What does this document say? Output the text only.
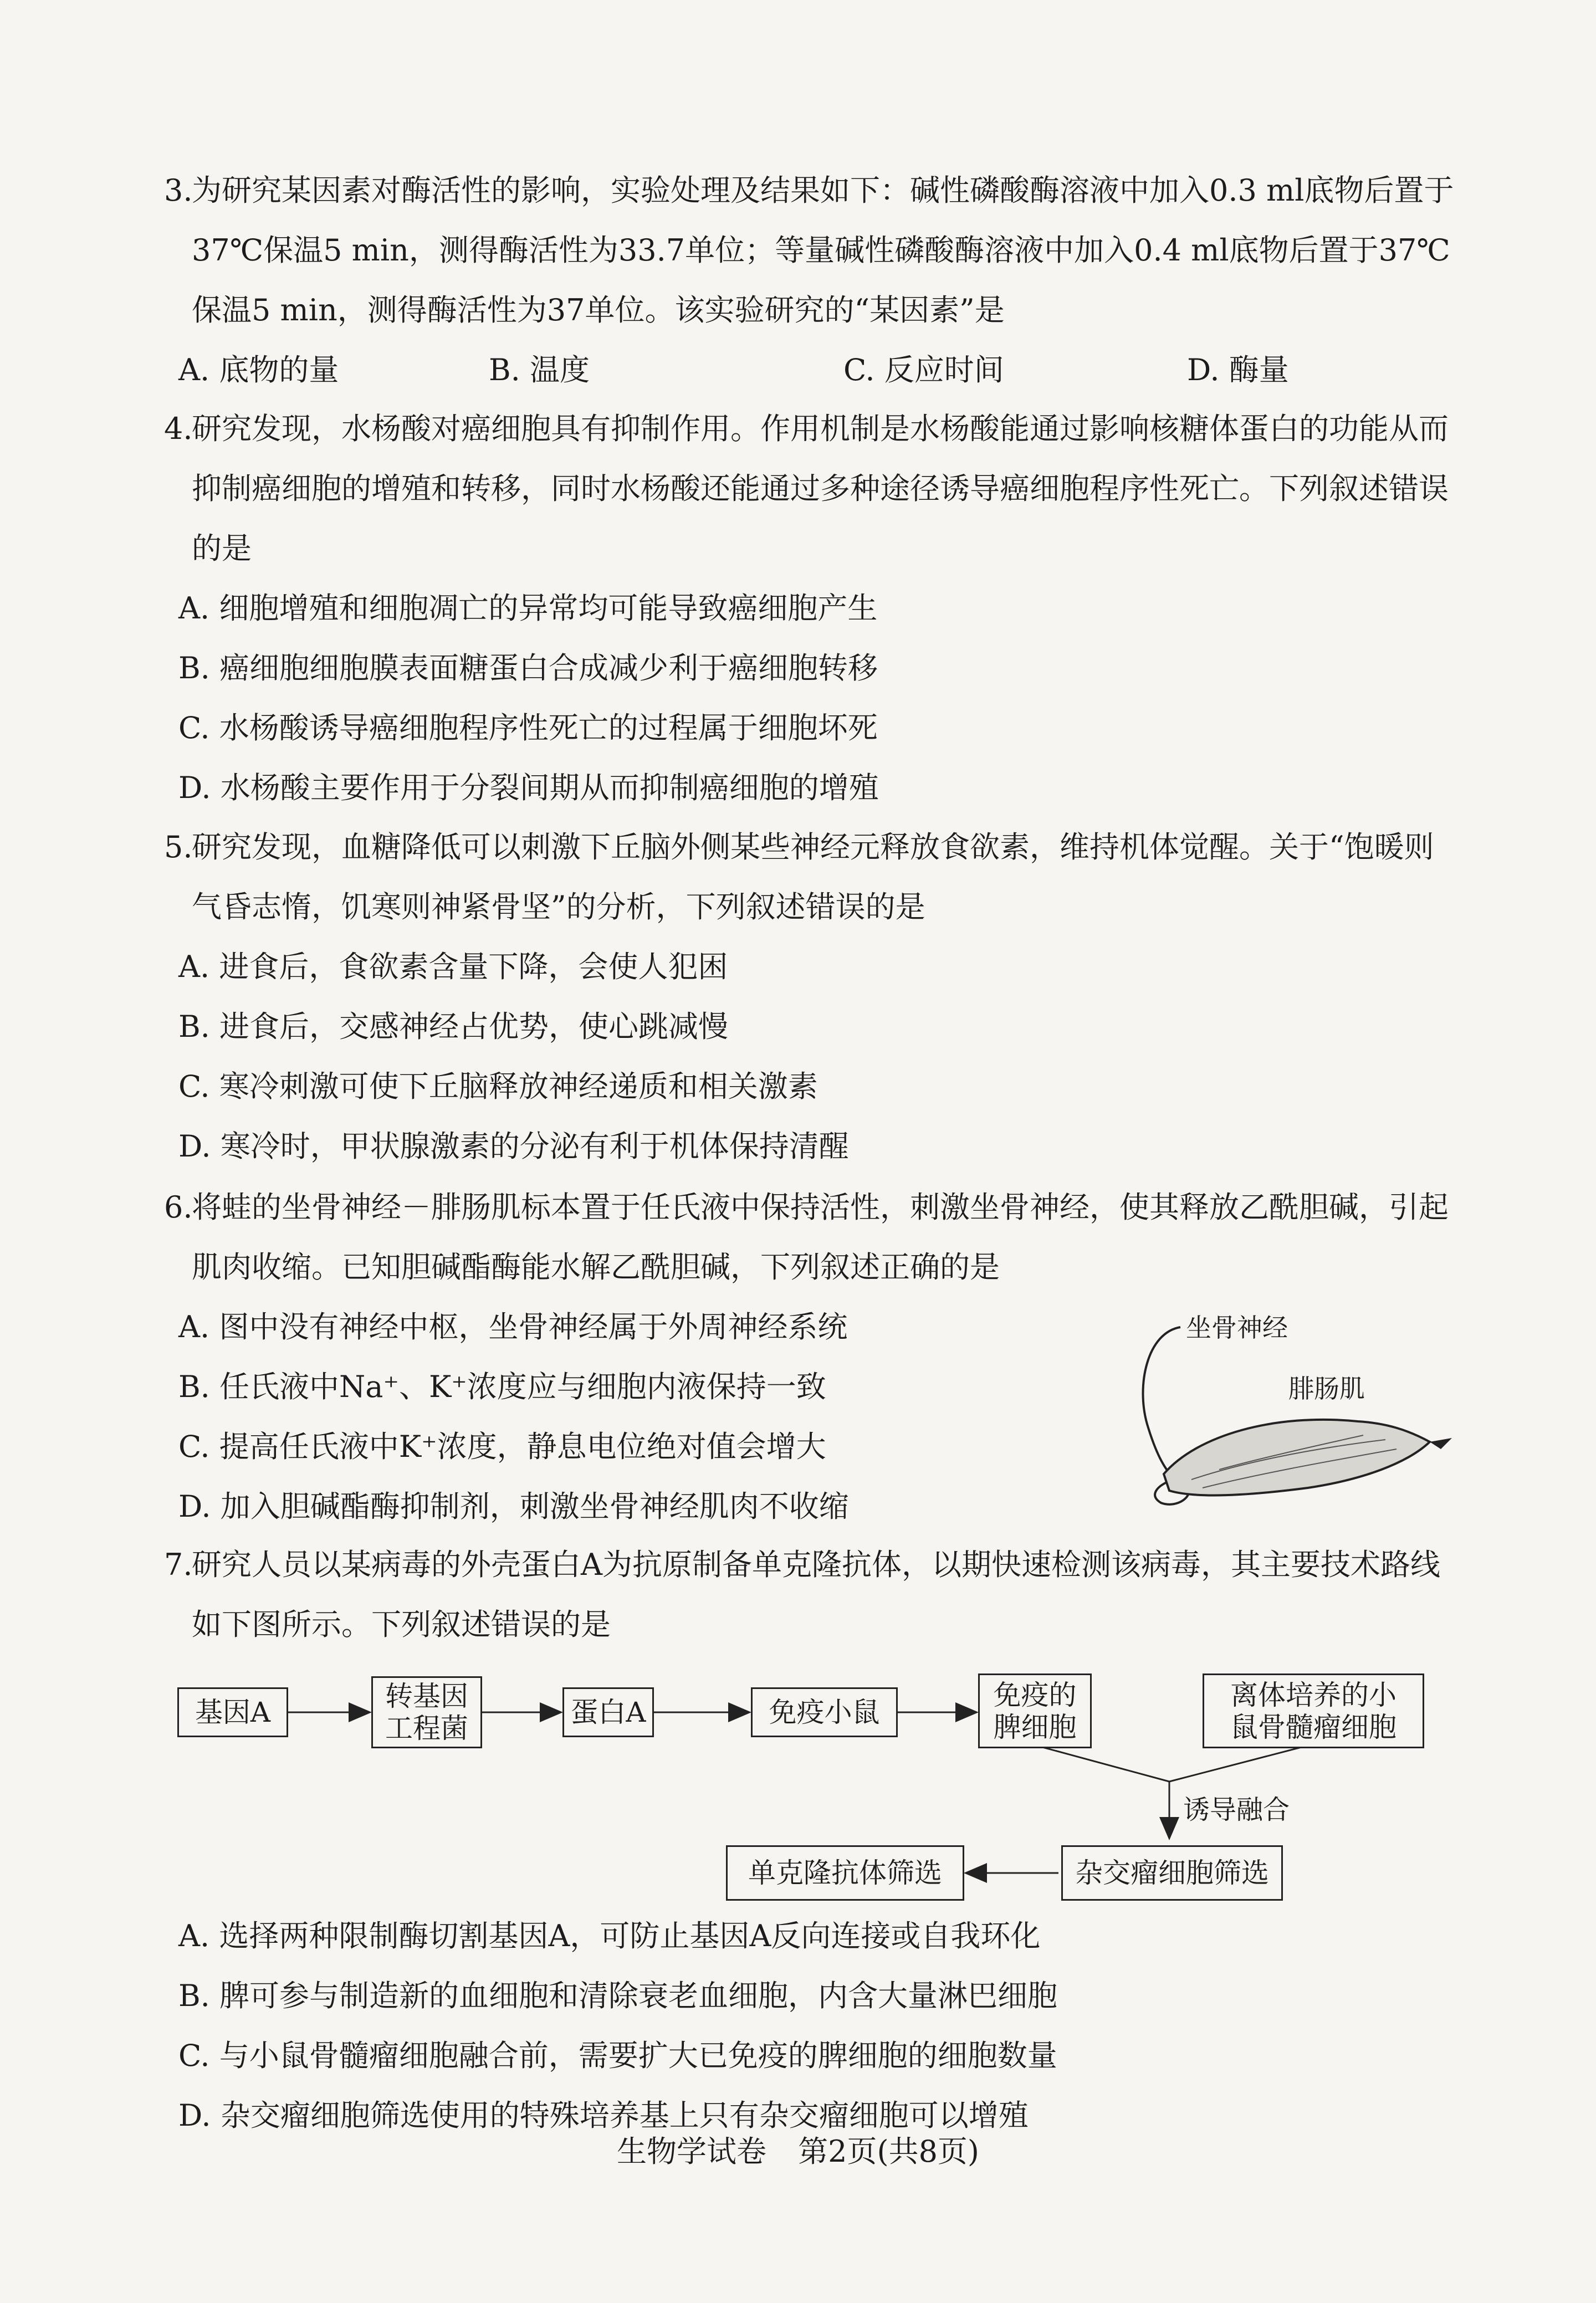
3.为研究某因素对酶活性的影响，实验处理及结果如下：碱性磷酸酶溶液中加入0.3 ml底物后置于37℃保温5 min，测得酶活性为33.7单位；等量碱性磷酸酶溶液中加入0.4 ml底物后置于37℃保温5 min，测得酶活性为37单位。该实验研究的“某因素”是

A. 底物的量	B. 温度	C. 反应时间	D. 酶量

4.研究发现，水杨酸对癌细胞具有抑制作用。作用机制是水杨酸能通过影响核糖体蛋白的功能从而抑制癌细胞的增殖和转移，同时水杨酸还能通过多种途径诱导癌细胞程序性死亡。下列叙述错误的是

A. 细胞增殖和细胞凋亡的异常均可能导致癌细胞产生

B. 癌细胞细胞膜表面糖蛋白合成减少利于癌细胞转移

C. 水杨酸诱导癌细胞程序性死亡的过程属于细胞坏死

D. 水杨酸主要作用于分裂间期从而抑制癌细胞的增殖

5.研究发现，血糖降低可以刺激下丘脑外侧某些神经元释放食欲素，维持机体觉醒。关于“饱暖则气昏志惰，饥寒则神紧骨坚”的分析，下列叙述错误的是

A. 进食后，食欲素含量下降，会使人犯困

B. 进食后，交感神经占优势，使心跳减慢

C. 寒冷刺激可使下丘脑释放神经递质和相关激素

D. 寒冷时，甲状腺激素的分泌有利于机体保持清醒

6.将蛙的坐骨神经－腓肠肌标本置于任氏液中保持活性，刺激坐骨神经，使其释放乙酰胆碱，引起肌肉收缩。已知胆碱酯酶能水解乙酰胆碱，下列叙述正确的是

A. 图中没有神经中枢，坐骨神经属于外周神经系统

B. 任氏液中Na⁺、K⁺浓度应与细胞内液保持一致

C. 提高任氏液中K⁺浓度，静息电位绝对值会增大

D. 加入胆碱酯酶抑制剂，刺激坐骨神经肌肉不收缩

坐骨神经
腓肠肌

7.研究人员以某病毒的外壳蛋白A为抗原制备单克隆抗体，以期快速检测该病毒，其主要技术路线如下图所示。下列叙述错误的是

基因A	转基因
工程菌	蛋白A	免疫小鼠
免疫的
脾细胞
离体培养的小
鼠骨髓瘤细胞
诱导融合
杂交瘤细胞筛选
单克隆抗体筛选

A. 选择两种限制酶切割基因A，可防止基因A反向连接或自我环化

B. 脾可参与制造新的血细胞和清除衰老血细胞，内含大量淋巴细胞

C. 与小鼠骨髓瘤细胞融合前，需要扩大已免疫的脾细胞的细胞数量

D. 杂交瘤细胞筛选使用的特殊培养基上只有杂交瘤细胞可以增殖

生物学试卷 第2页(共8页)
